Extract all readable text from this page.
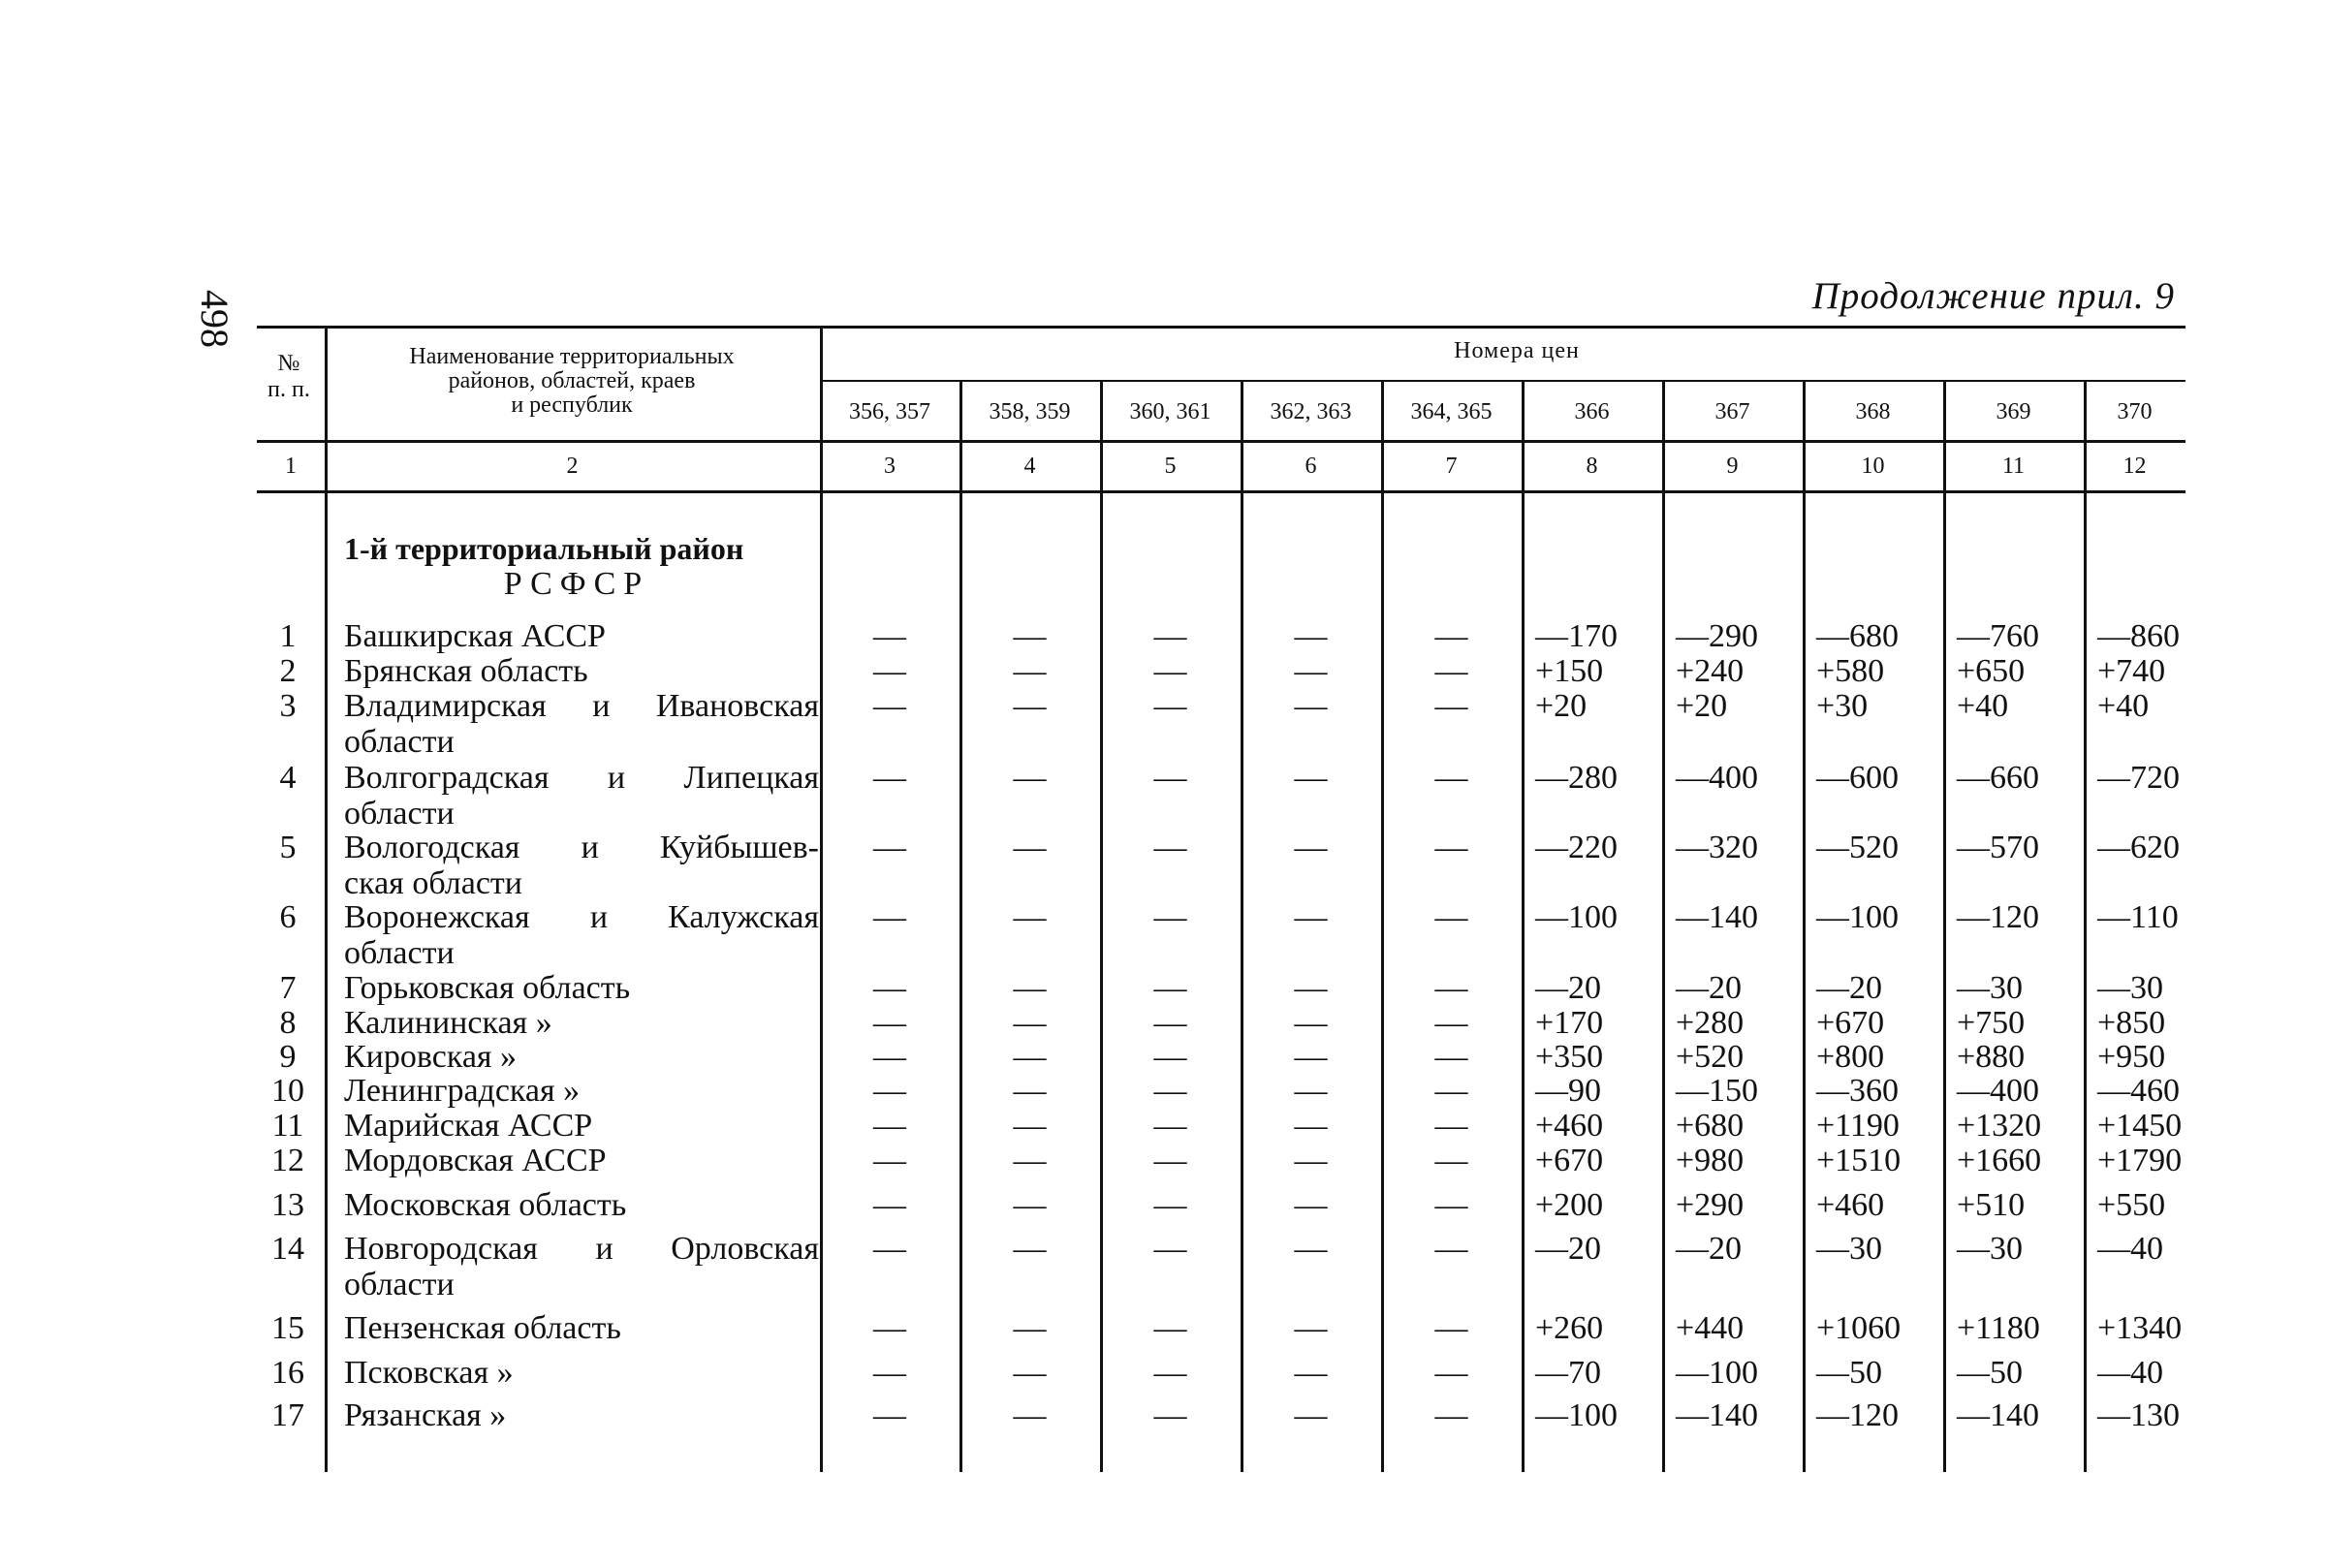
498	Продолжение прил. 9
№
п. п.
Наименование территориальных
районов, областей, краев
и республик
Номера цен
356, 357	358, 359	360, 361	362, 363	364, 365	366	367	368	369	370
1	2	3	4	5	6	7	8	9	10	11	12
1-й территориальный район
РСФСР
1	Башкирская АССР	—	—	—	—	—	—170 —290 —680 —760 —860
2	Брянская область	—	—	—	—	—	+150 +240 +580 +650 +740
3	Владимирская и Ивановская
области
—	—	—	—	—	+20	+20	+30	+40	+40
4	Волгоградская и Липецкая
области
—	—	—	—	—	—280 —400 —600 —660 —720
5	Вологодская и Куйбышев-
ская области
—	—	—	—	—	—220 —320 —520 —570 —620
6	Воронежская и Калужская
области
—	—	—	—	—	—100 —140 —100 —120 —110
7	Горьковская область	—	—	—	—	—	—20 —20 —20 —30 —30
8	Калининская »	—	—	—	—	—	+170 +280 +670 +750 +850
9	Кировская »	—	—	—	—	—	+350 +520 +800 +880 +950
10 Ленинградская »	—	—	—	—	—	—90 —150 —360 —400 —460
11 Марийская АССР	—	—	—	—	—	+460 +680 +1190 +1320 +1450
12 Мордовская АССР	—	—	—	—	—	+670 +980 +1510 +1660 +1790
13 Московская область	—	—	—	—	—	+200 +290 +460 +510 +550
14 Новгородская и Орловская
области
—	—	—	—	—	—20 —20 —30 —30 —40
15 Пензенская область	—	—	—	—	—	+260 +440 +1060 +1180 +1340
16 Псковская »	—	—	—	—	—	—70 —100 —50 —50 —40
17 Рязанская »	—	—	—	—	—	—100 —140 —120 —140 —130
